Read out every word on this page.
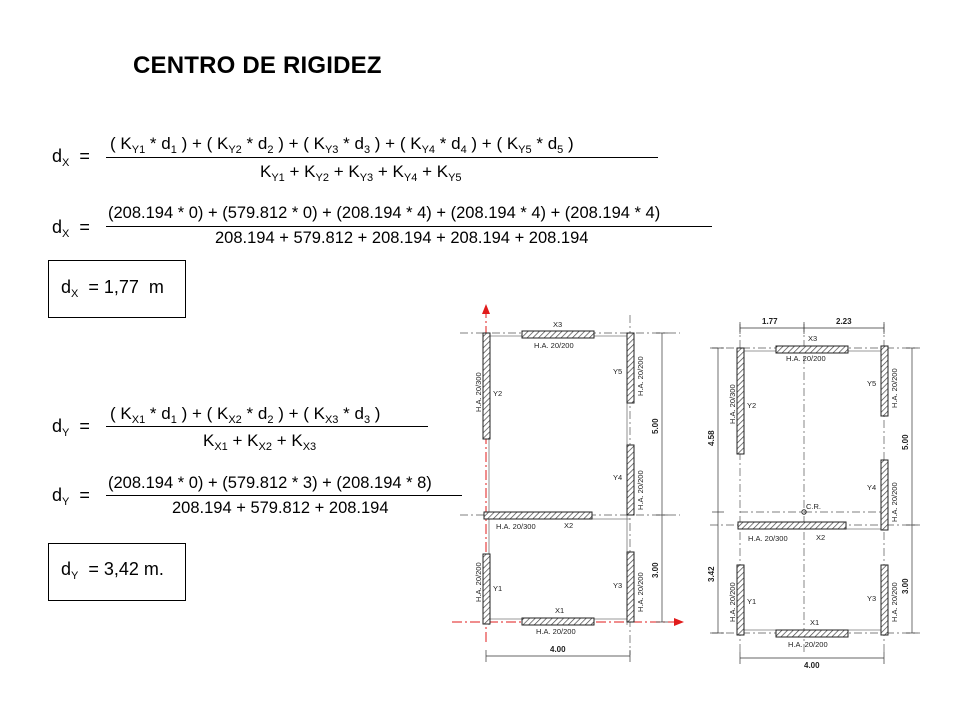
CENTRO DE RIGIDEZ
$d_X$  =
( $K_{Y1} * d_1$ ) + ( $K_{Y2} * d_2$ ) + ( $K_{Y3} * d_3$ ) + ( $K_{Y4} * d_4$ ) + ( $K_{Y5} * d_5$ )
$K_{Y1} + K_{Y2} + K_{Y3} + K_{Y4} + K_{Y5}$
$d_X$  =
(208.194 * 0) + (579.812 * 0) + (208.194 * 4) + (208.194 * 4) + (208.194 * 4)
208.194 + 579.812 + 208.194 + 208.194 + 208.194
$d_X = 1,77$  m
$d_Y$  =
( $K_{X1} * d_1$ ) + ( $K_{X2} * d_2$ ) + ( $K_{X3} * d_3$ )
$K_{X1} + K_{X2} + K_{X3}$
$d_Y$  =
(208.194 * 0) + (579.812 * 3) + (208.194 * 8)
208.194 + 579.812 + 208.194
$d_Y = 3,42$ m.
X3
H.A. 20/200
X2
H.A. 20/300
X1
H.A. 20/200
Y1
Y2
Y3
Y4
Y5
H.A. 20/300
H.A. 20/200
H.A. 20/200
H.A. 20/200
H.A. 20/200
4.00
5.00
3.00
X3
H.A. 20/200
X2
H.A. 20/300
X1
H.A. 20/200
Y1
Y2
Y3
Y4
Y5
C.R.
H.A. 20/300
H.A. 20/200
H.A. 20/200
H.A. 20/200
H.A. 20/200
1.77	2.23
4.00
4.58
3.42
5.00
3.00
